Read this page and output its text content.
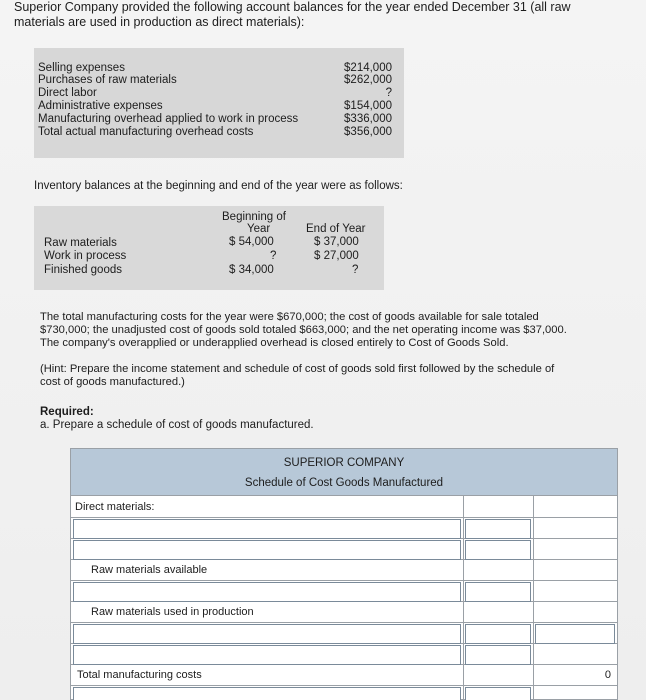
Superior Company provided the following account balances for the year ended December 31 (all raw
materials are used in production as direct materials):
Selling expenses	$214,000
Purchases of raw materials	$262,000
Direct labor	?
Administrative expenses	$154,000
Manufacturing overhead applied to work in process	$336,000
Total actual manufacturing overhead costs	$356,000
Inventory balances at the beginning and end of the year were as follows:
Beginning of
Year	End of Year
Raw materials	$ 54,000	$ 37,000
Work in process	?	$ 27,000
Finished goods	$ 34,000	?
The total manufacturing costs for the year were $670,000; the cost of goods available for sale totaled
$730,000; the unadjusted cost of goods sold totaled $663,000; and the net operating income was $37,000.
The company's overapplied or underapplied overhead is closed entirely to Cost of Goods Sold.
(Hint: Prepare the income statement and schedule of cost of goods sold first followed by the schedule of
cost of goods manufactured.)
Required:
a. Prepare a schedule of cost of goods manufactured.
SUPERIOR COMPANY
Schedule of Cost Goods Manufactured
Direct materials:
Raw materials available
Raw materials used in production
Total manufacturing costs	0
